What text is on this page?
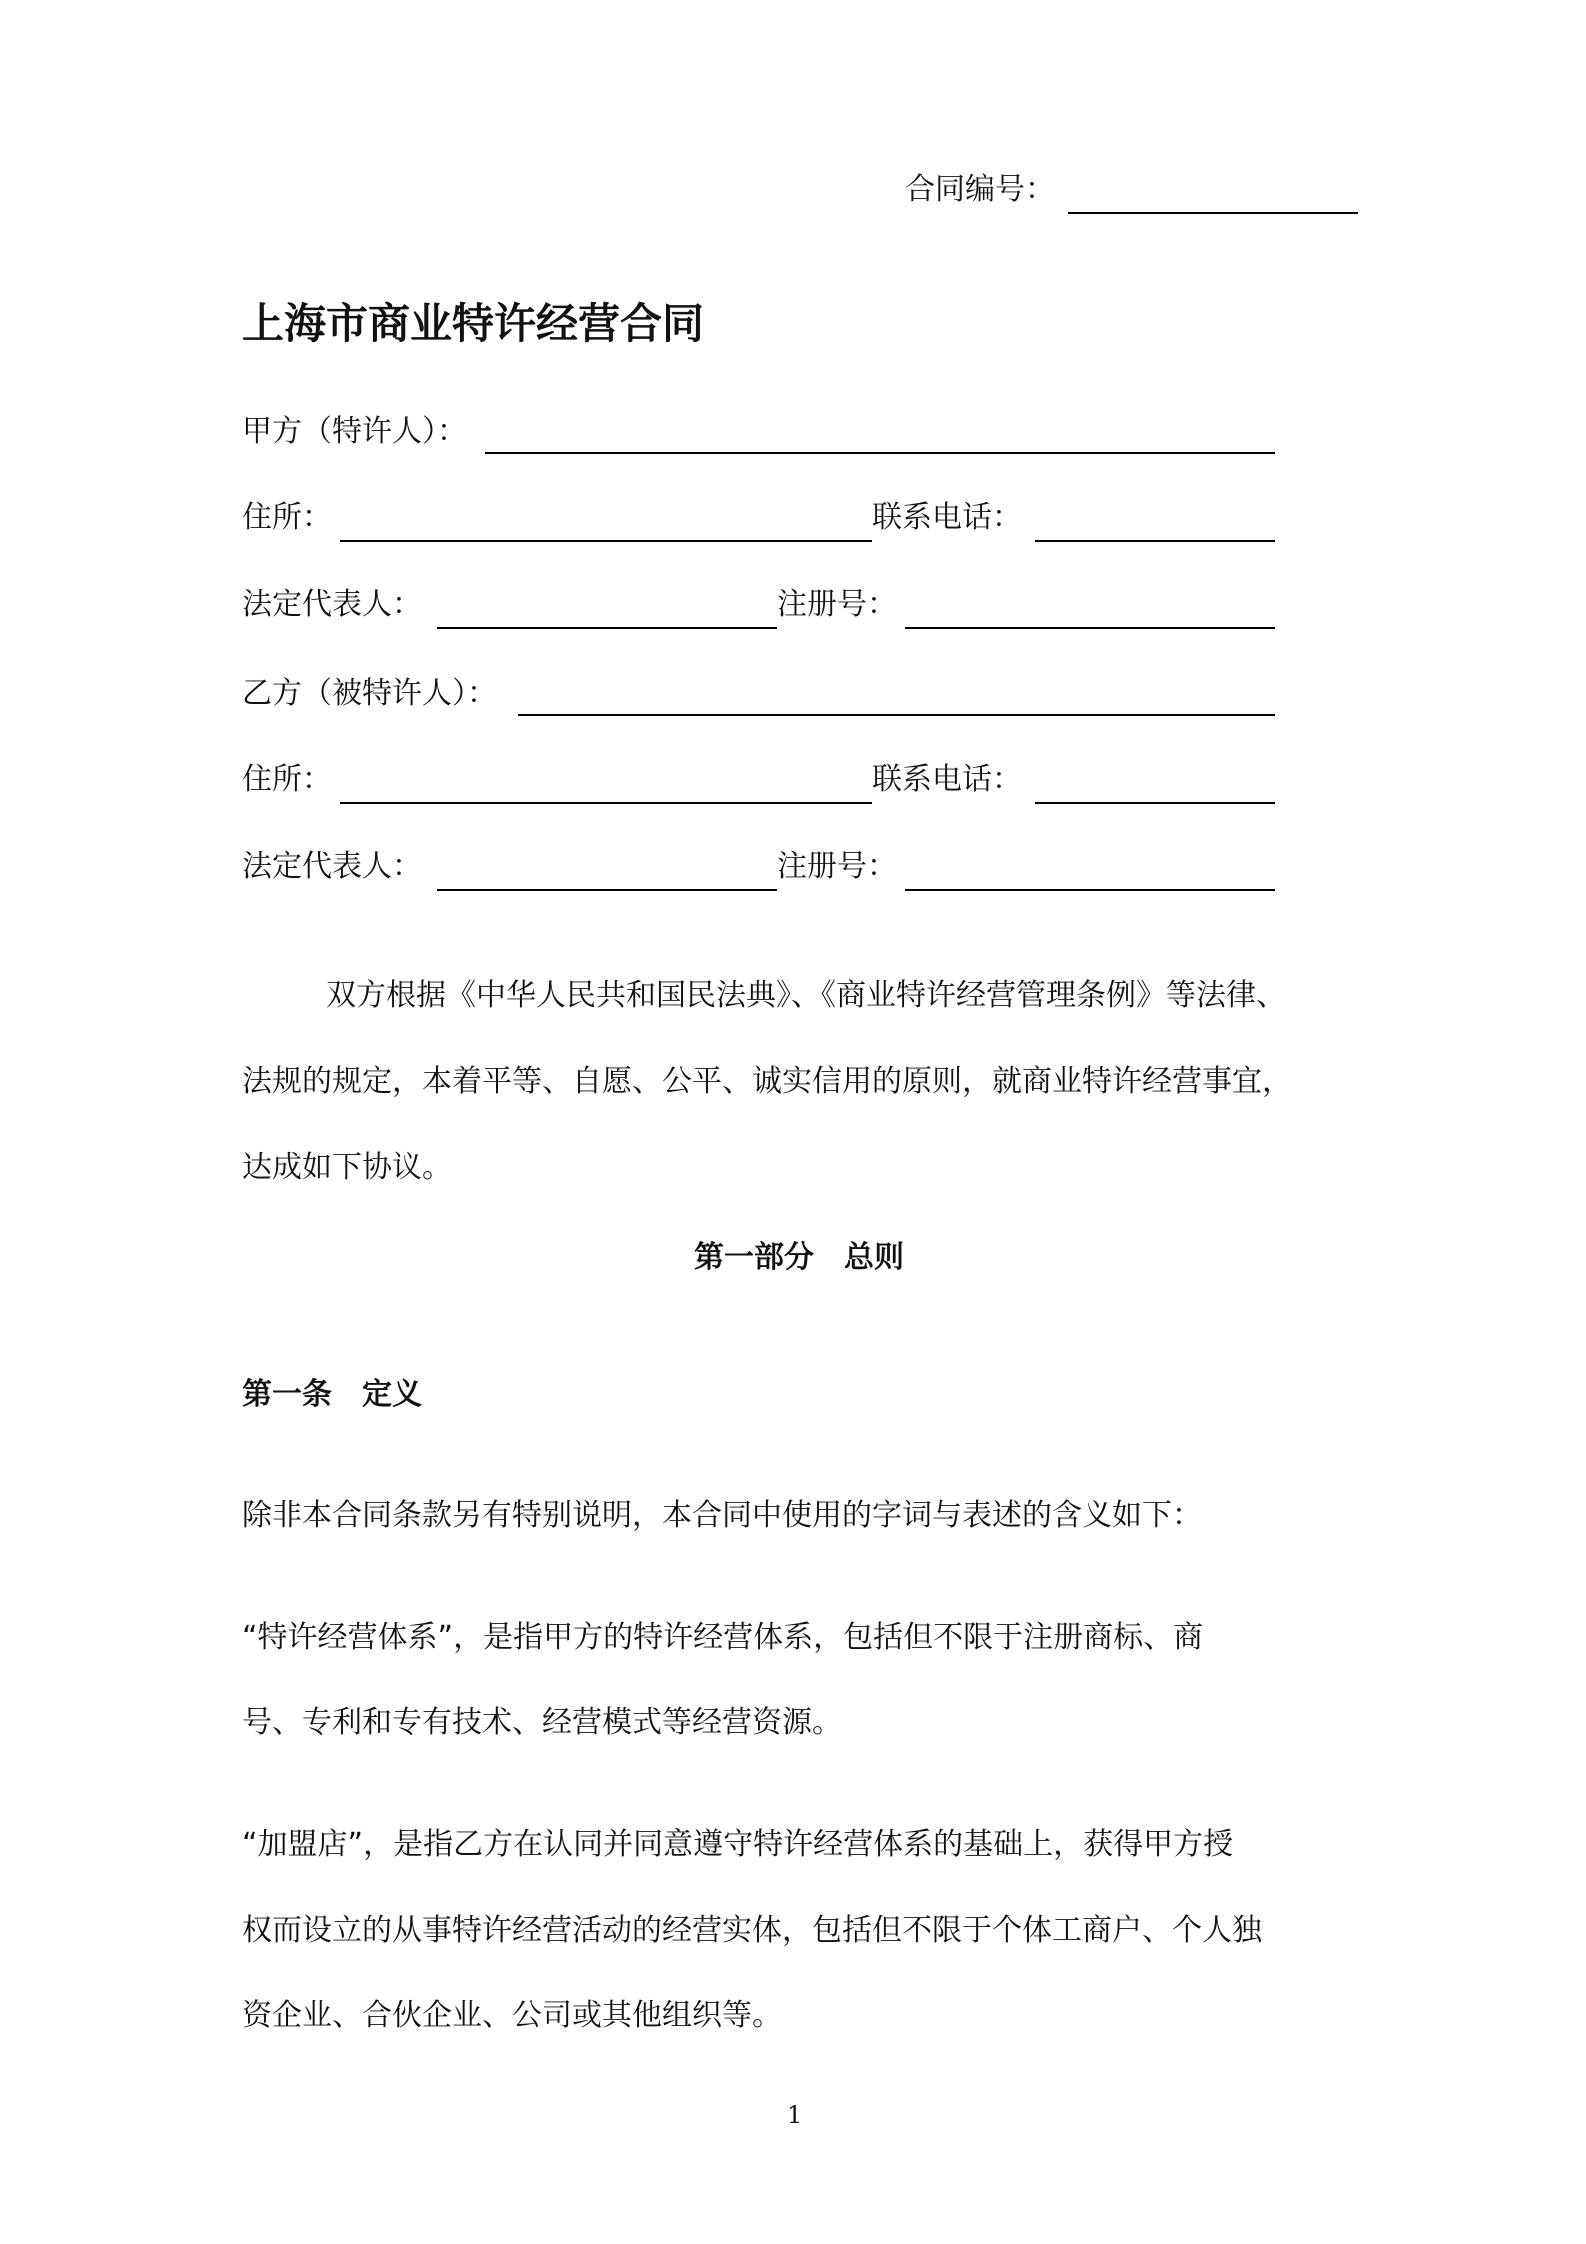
合同编号：
上海市商业特许经营合同
甲方（特许人）：
住所：	联系电话：
法定代表人：	注册号：
乙方（被特许人）：
住所：	联系电话：
法定代表人：	注册号：
双方根据《中华人民共和国民法典》、《商业特许经营管理条例》等法律、
法规的规定，本着平等、自愿、公平、诚实信用的原则，就商业特许经营事宜，
达成如下协议。
第一部分　总则
第一条　定义
除非本合同条款另有特别说明，本合同中使用的字词与表述的含义如下：
“特许经营体系”，是指甲方的特许经营体系，包括但不限于注册商标、商
号、专利和专有技术、经营模式等经营资源。
“加盟店”，是指乙方在认同并同意遵守特许经营体系的基础上，获得甲方授
权而设立的从事特许经营活动的经营实体，包括但不限于个体工商户、个人独
资企业、合伙企业、公司或其他组织等。
1
